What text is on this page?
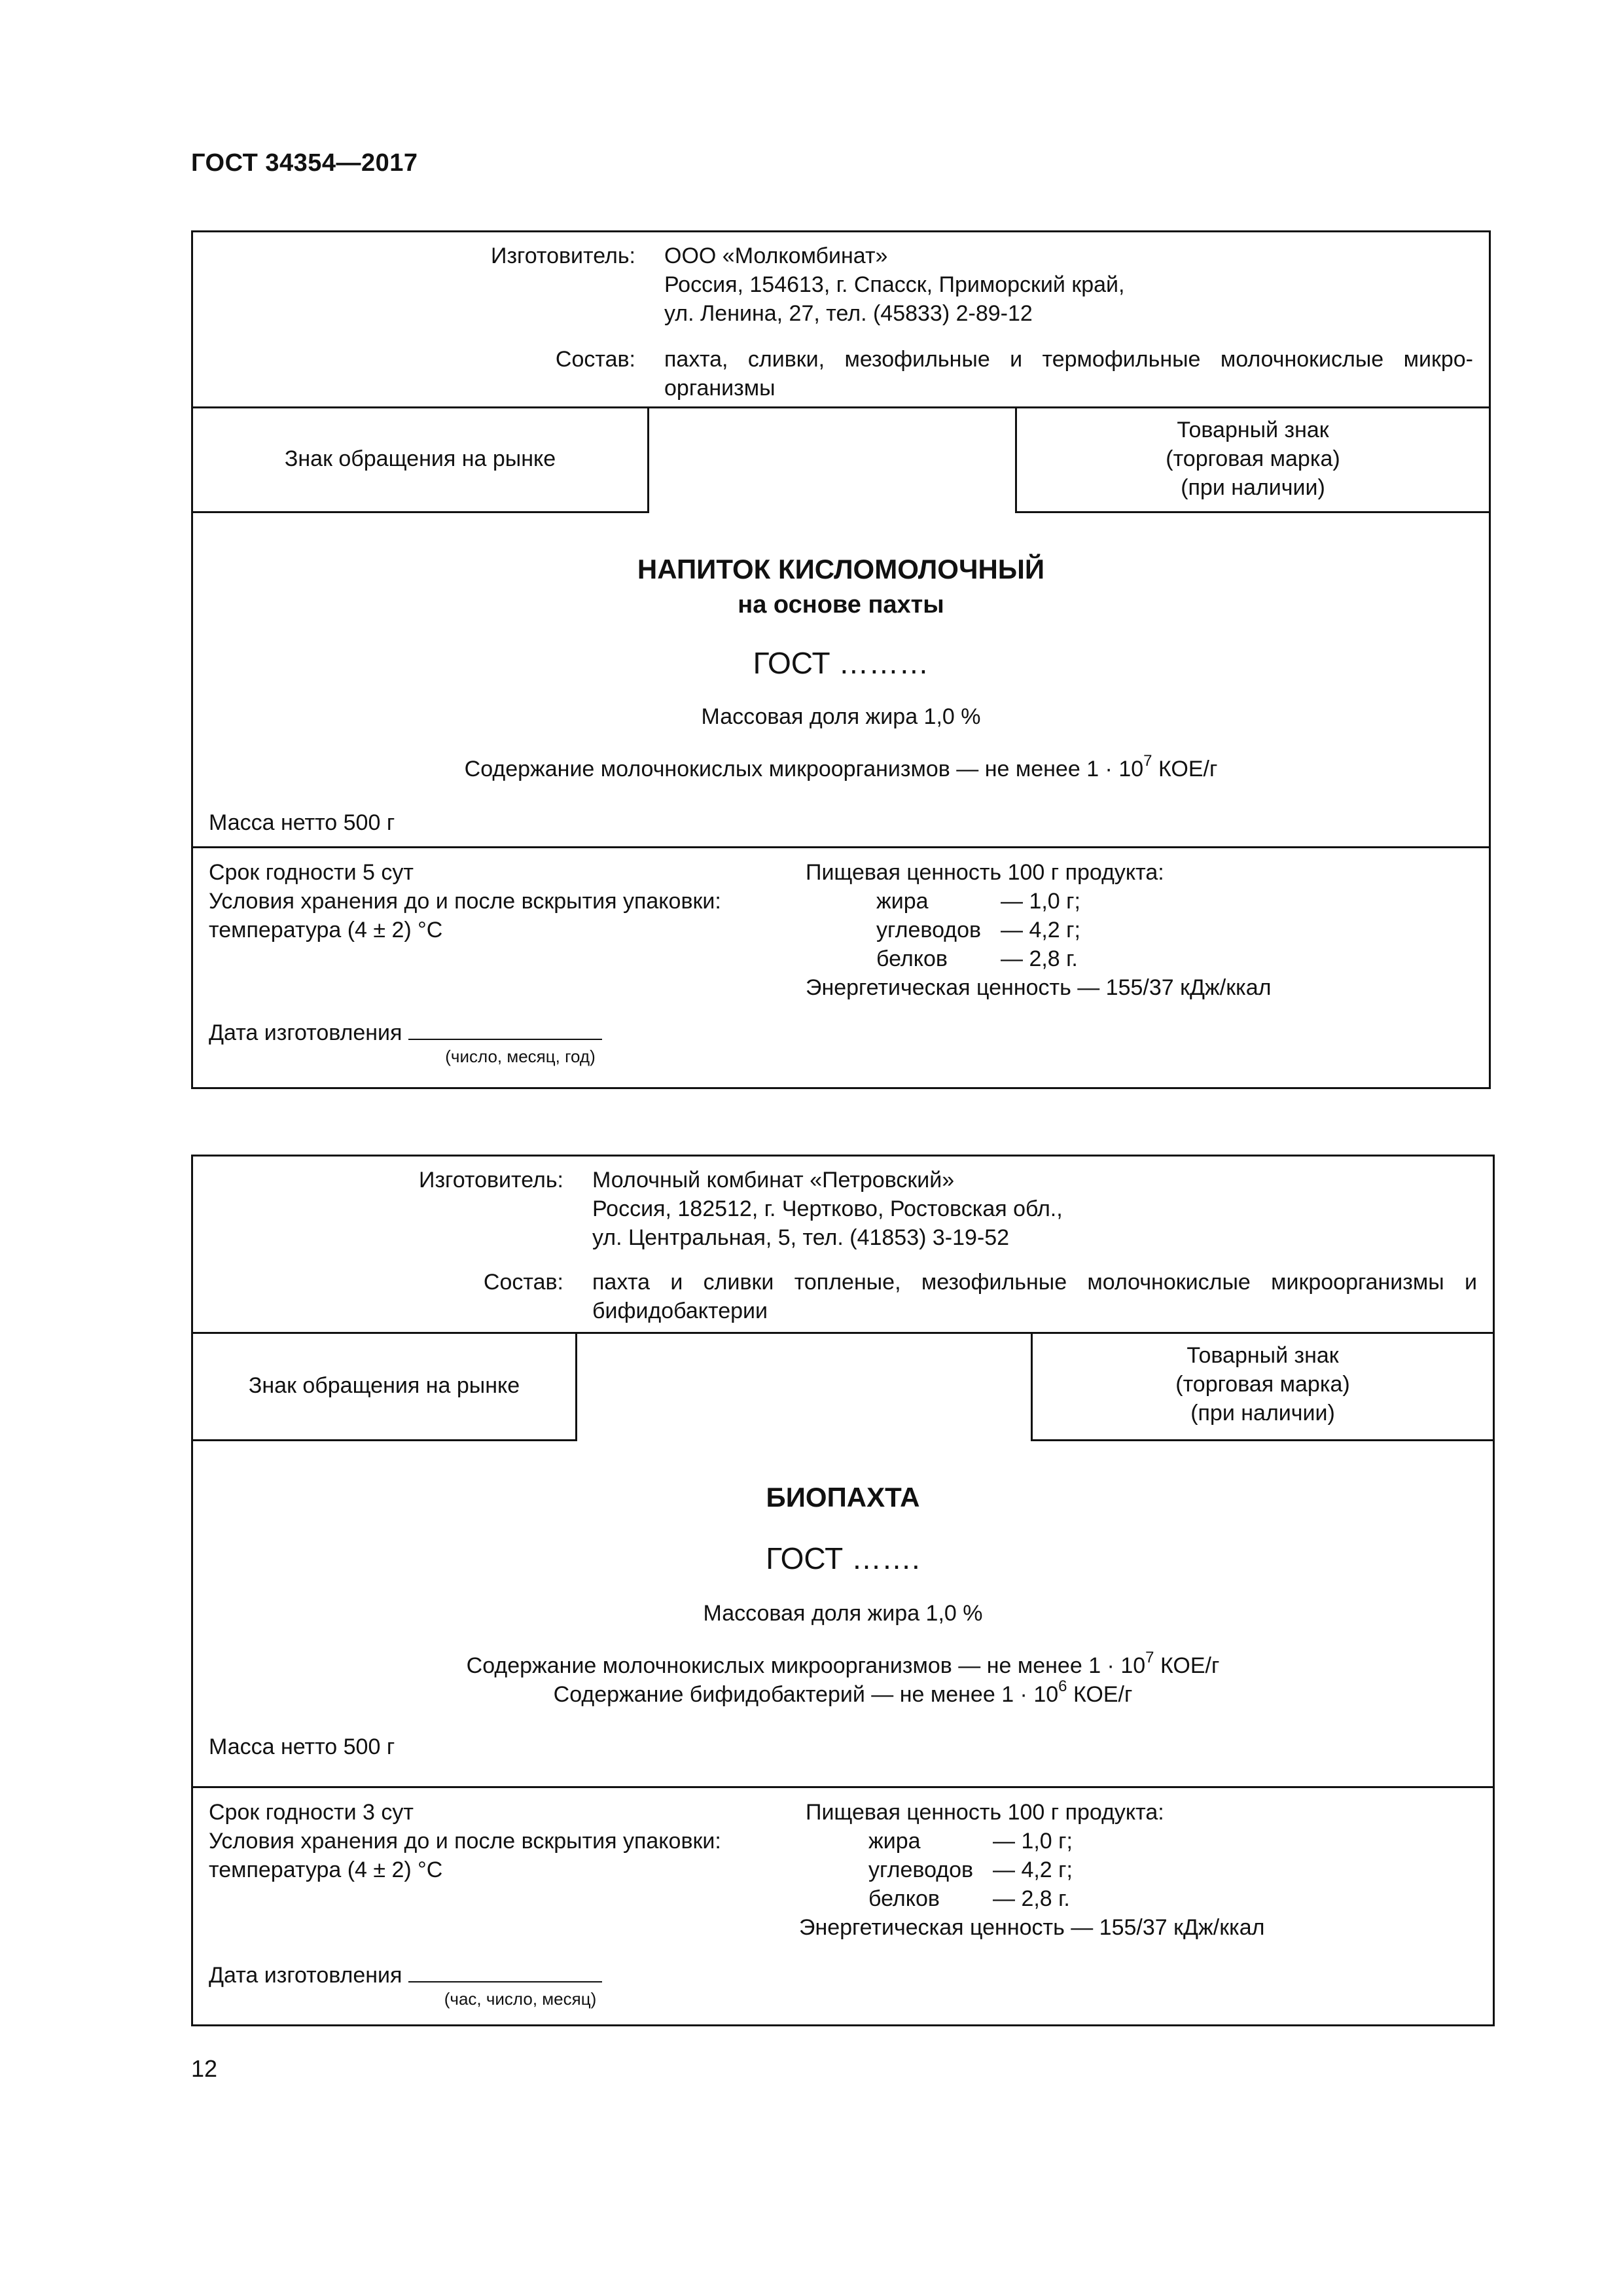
ГОСТ 34354—2017
Изготовитель: ООО «Молкомбинат»
Россия, 154613, г. Спасск, Приморский край,
ул. Ленина, 27, тел. (45833) 2-89-12
Состав: пахта, сливки, мезофильные и термофильные молочнокислые микро-организмы
Знак обращения на рынке
Товарный знак
(торговая марка)
(при наличии)
НАПИТОК КИСЛОМОЛОЧНЫЙ
на основе пахты
ГОСТ ………
Массовая доля жира 1,0 %
Содержание молочнокислых микроорганизмов — не менее $1 \cdot 10^7$ КОЕ/г
Масса нетто 500 г
Срок годности 5 сут
Условия хранения до и после вскрытия упаковки:
температура (4 ± 2) °С
Пищевая ценность 100 г продукта:
жира	— 1,0 г;
углеводов — 4,2 г;
белков	— 2,8 г.
Энергетическая ценность — 155/37 кДж/ккал
Дата изготовления
(число, месяц, год)
Изготовитель: Молочный комбинат «Петровский»
Россия, 182512, г. Чертково, Ростовская обл.,
ул. Центральная, 5, тел. (41853) 3-19-52
Состав: пахта и сливки топленые, мезофильные молочнокислые микроорганизмы и бифидобактерии
Знак обращения на рынке
Товарный знак
(торговая марка)
(при наличии)
БИОПАХТА
ГОСТ …….
Массовая доля жира 1,0 %
Содержание молочнокислых микроорганизмов — не менее $1 \cdot 10^7$ КОЕ/г
Содержание бифидобактерий — не менее $1 \cdot 10^6$ КОЕ/г
Масса нетто 500 г
Срок годности 3 сут
Условия хранения до и после вскрытия упаковки:
температура (4 ± 2) °С
Пищевая ценность 100 г продукта:
жира	— 1,0 г;
углеводов — 4,2 г;
белков	— 2,8 г.
Энергетическая ценность — 155/37 кДж/ккал
Дата изготовления
(час, число, месяц)
12
